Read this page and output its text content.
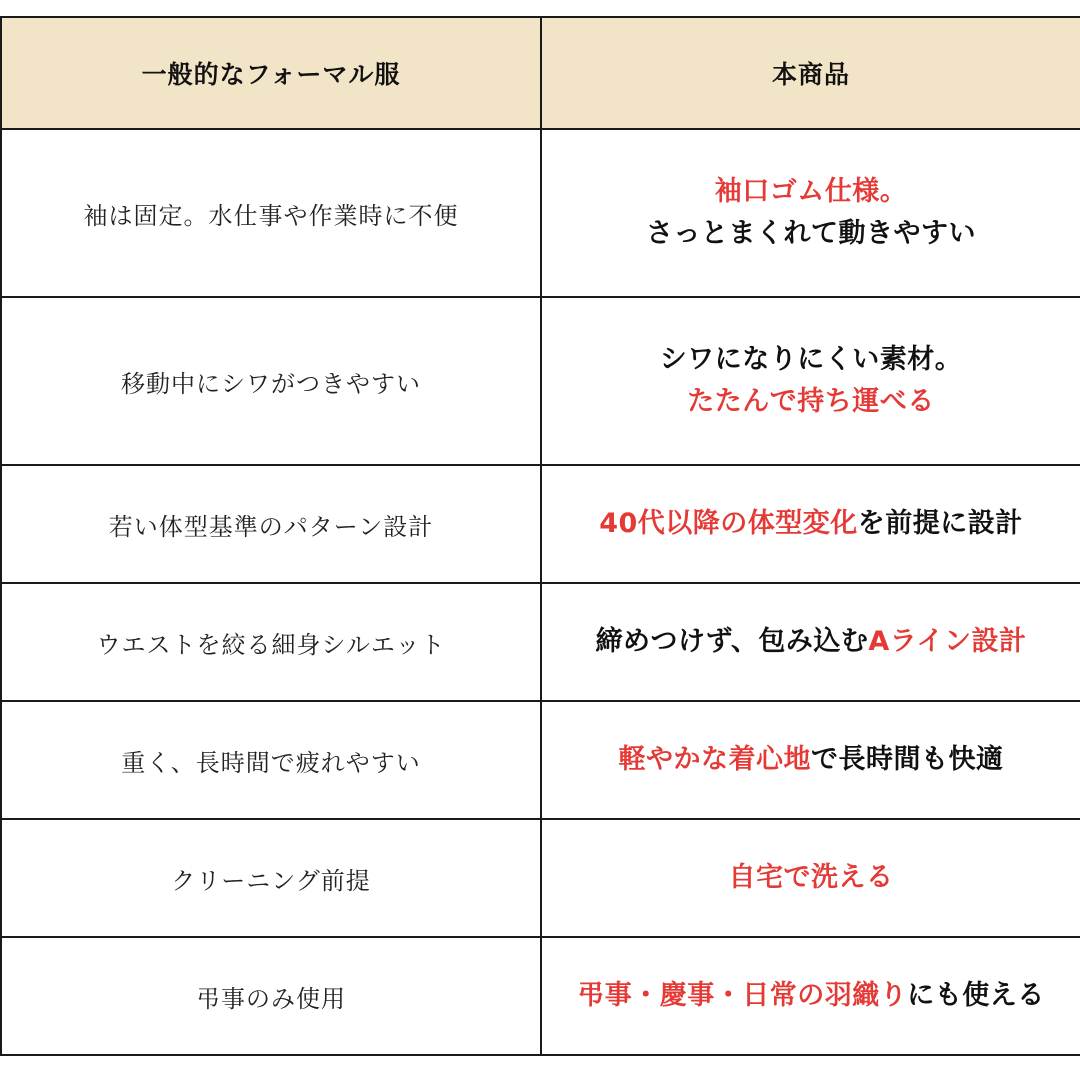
一般的なフォーマル服	本商品
袖は固定。水仕事や作業時に不便	袖口ゴム仕様。
さっとまくれて動きやすい

移動中にシワがつきやすい	シワになりにくい素材。
たたんで持ち運べる

若い体型基準のパターン設計	40代以降の体型変化を前提に設計
ウエストを絞る細身シルエット	締めつけず、包み込むAライン設計
重く、長時間で疲れやすい	軽やかな着心地で長時間も快適
クリーニング前提	自宅で洗える
弔事のみ使用	弔事・慶事・日常の羽織りにも使える
